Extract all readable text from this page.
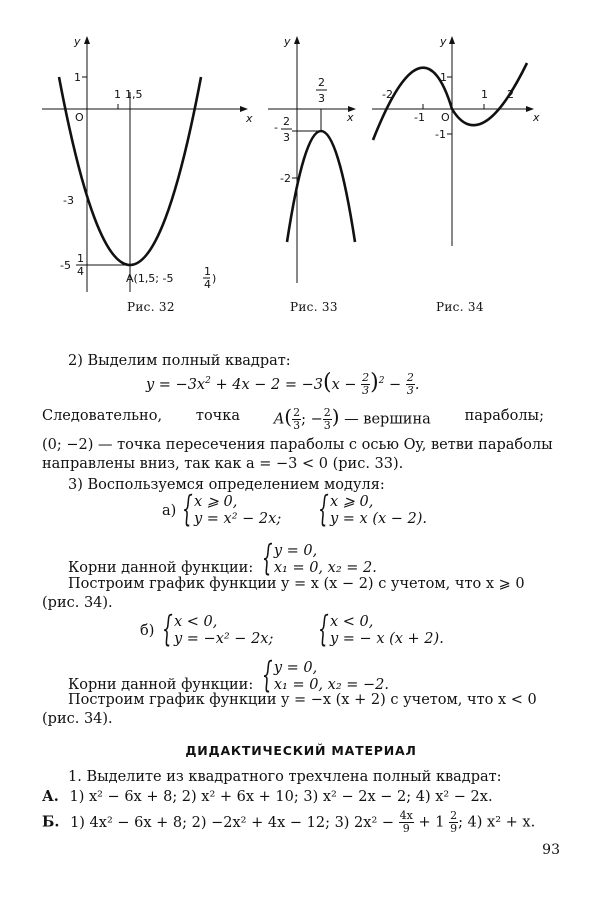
y
x
O
1
1 1,5
-3
-5
1
4
A(1,5; -5
1
4 )
y
x
2
3
- 2
3
-2
y
x
O
1
-2
-1
1 2
-1
Рис. 32	Рис. 33	Рис. 34
2) Выделим полный квадрат:
$y = -3x^2 + 4x - 2 = -3(x - \frac{2}{3} )^2 - \frac{2}{3}$ .
Следовательно, точка $A( \frac{2}{3}$ ; − $\frac{2}{3}$ ) — вершина параболы;
(0; −2) — точка пересечения параболы с осью Oy, ветви параболы
направлены вниз, так как a = −3 < 0 (рис. 33).
3) Воспользуемся определением модуля:
а)
{ x ⩾ 0,
y = x² − 2x;
{ x ⩾ 0,
y = x (x − 2).
Корни данной функции:
{ y = 0,
x₁ = 0, x₂ = 2.
Построим график функции y = x (x − 2) с учетом, что x ⩾ 0
(рис. 34).
б)
{ x < 0,
y = −x² − 2x;
{ x < 0,
y = − x (x + 2).
Корни данной функции:
{ y = 0,
x₁ = 0, x₂ = −2.
Построим график функции y = −x (x + 2) с учетом, что x < 0
(рис. 34).
ДИДАКТИЧЕСКИЙ МАТЕРИАЛ
1. Выделите из квадратного трехчлена полный квадрат:
А. 1) x² − 6x + 8; 2) x² + 6x + 10; 3) x² − 2x − 2; 4) x² − 2x.
Б. 1) 4x² − 6x + 8; 2) −2x² + 4x − 12; 3) $2x^2 - \frac{4x}{9} + 1 \frac{2}{9}$ ; 4) x² + x.
93
